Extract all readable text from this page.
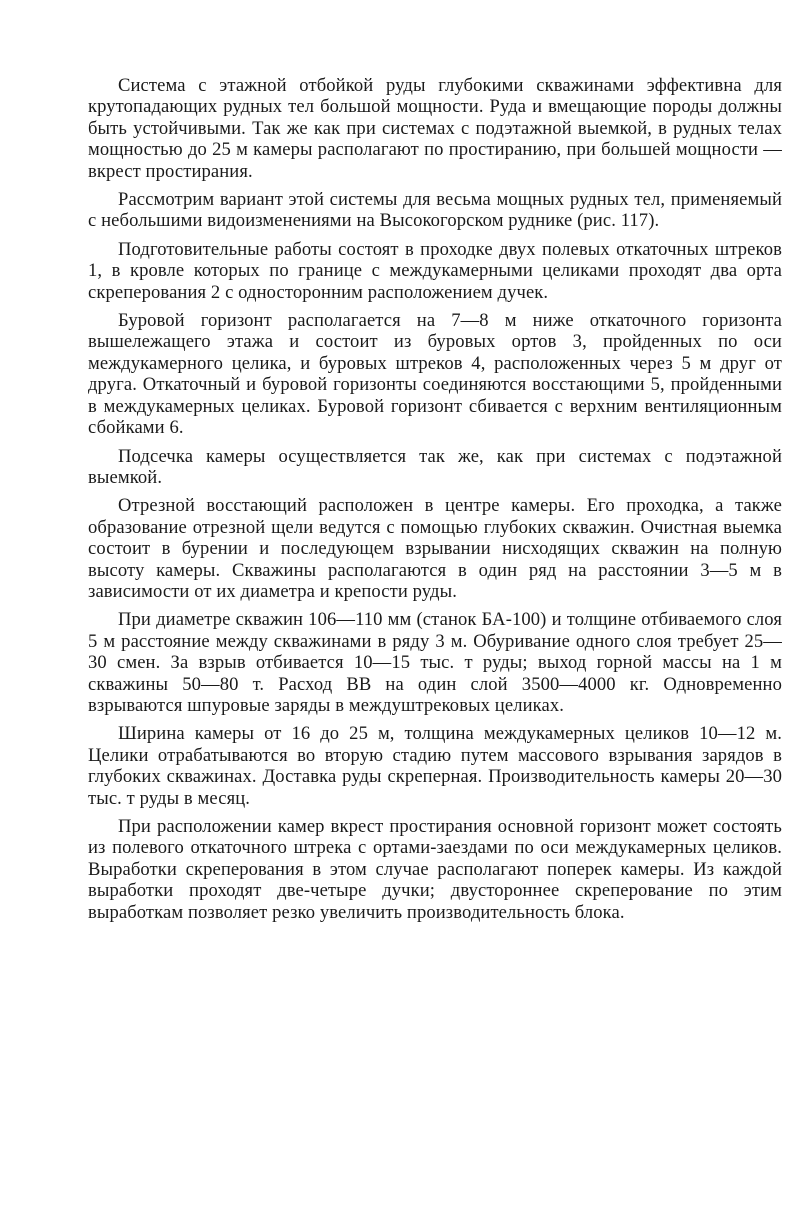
Система с этажной отбойкой руды глубокими скважинами эффективна для крутопадающих рудных тел большой мощности. Руда и вмещающие породы должны быть устойчивыми. Так же как при системах с подэтажной выемкой, в рудных телах мощностью до 25 м камеры располагают по простиранию, при большей мощности — вкрест простирания.

Рассмотрим вариант этой системы для весьма мощных рудных тел, применяемый с небольшими видоизменениями на Высокогорском руднике (рис. 117).

Подготовительные работы состоят в проходке двух полевых откаточных штреков 1, в кровле которых по границе с междукамерными целиками проходят два орта скреперования 2 с односторонним расположением дучек.

Буровой горизонт располагается на 7—8 м ниже откаточного горизонта вышележащего этажа и состоит из буровых ортов 3, пройденных по оси междукамерного целика, и буровых штреков 4, расположенных через 5 м друг от друга. Откаточный и буровой горизонты соединяются восстающими 5, пройденными в междукамерных целиках. Буровой горизонт сбивается с верхним вентиляционным сбойками 6.

Подсечка камеры осуществляется так же, как при системах с подэтажной выемкой.

Отрезной восстающий расположен в центре камеры. Его проходка, а также образование отрезной щели ведутся с помощью глубоких скважин. Очистная выемка состоит в бурении и последующем взрывании нисходящих скважин на полную высоту камеры. Скважины располагаются в один ряд на расстоянии 3—5 м в зависимости от их диаметра и крепости руды.

При диаметре скважин 106—110 мм (станок БА-100) и толщине отбиваемого слоя 5 м расстояние между скважинами в ряду 3 м. Обуривание одного слоя требует 25—30 смен. За взрыв отбивается 10—15 тыс. т руды; выход горной массы на 1 м скважины 50—80 т. Расход ВВ на один слой 3500—4000 кг. Одновременно взрываются шпуровые заряды в междуштрековых целиках.

Ширина камеры от 16 до 25 м, толщина междукамерных целиков 10—12 м. Целики отрабатываются во вторую стадию путем массового взрывания зарядов в глубоких скважинах. Доставка руды скреперная. Производительность камеры 20—30 тыс. т руды в месяц.

При расположении камер вкрест простирания основной горизонт может состоять из полевого откаточного штрека с ортами-заездами по оси междукамерных целиков. Выработки скреперования в этом случае располагают поперек камеры. Из каждой выработки проходят две-четыре дучки; двустороннее скреперование по этим выработкам позволяет резко увеличить производительность блока.
